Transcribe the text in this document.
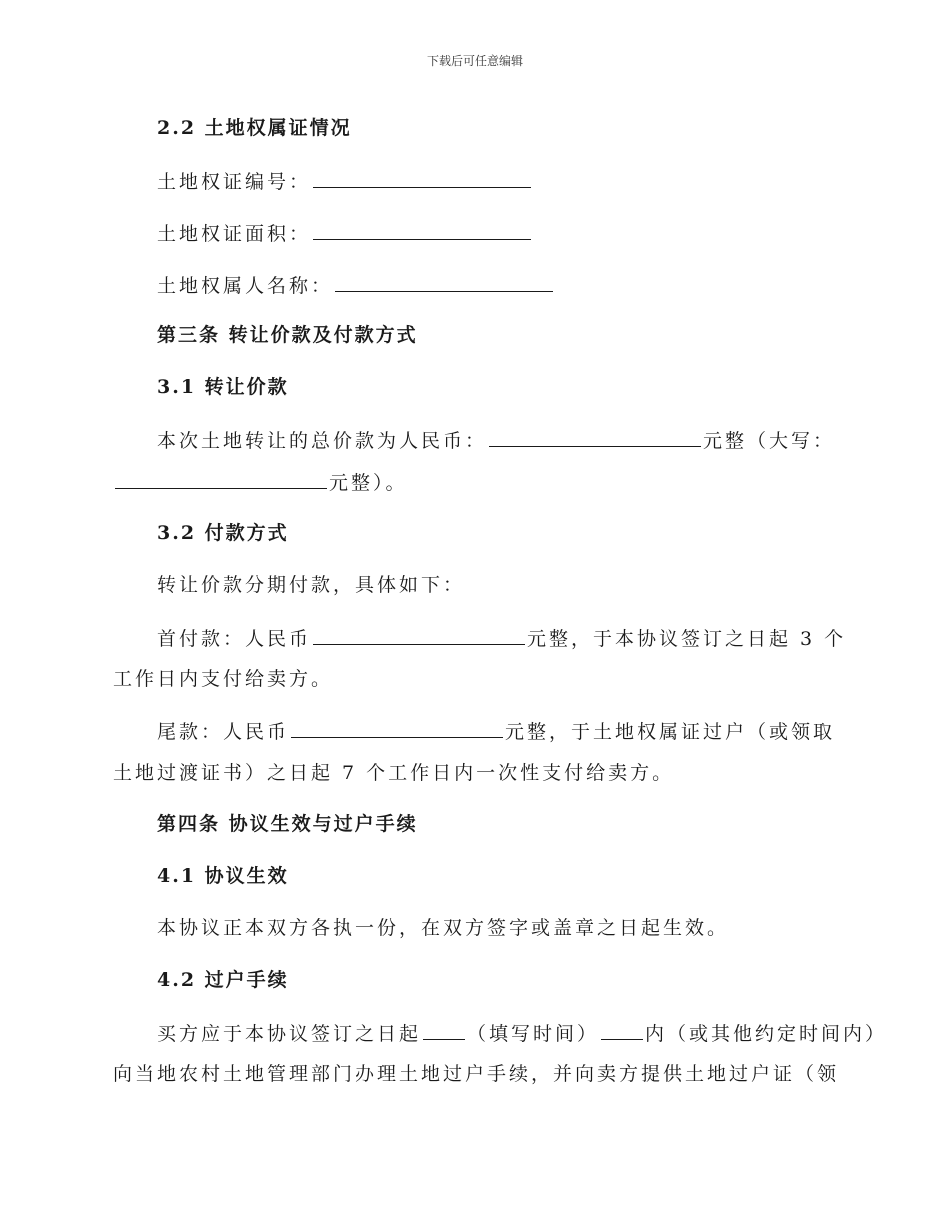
下载后可任意编辑
2.2 土地权属证情况
土地权证编号：
土地权证面积：
土地权属人名称：
第三条 转让价款及付款方式
3.1 转让价款
本次土地转让的总价款为人民币：	元整（大写：
元整）。
3.2 付款方式
转让价款分期付款，具体如下：
首付款：人民币	元整，于本协议签订之日起 3 个
工作日内支付给卖方。
尾款：人民币	元整，于土地权属证过户（或领取
土地过渡证书）之日起 7 个工作日内一次性支付给卖方。
第四条 协议生效与过户手续
4.1 协议生效
本协议正本双方各执一份，在双方签字或盖章之日起生效。
4.2 过户手续
买方应于本协议签订之日起 （填写时间） 内（或其他约定时间内）
向当地农村土地管理部门办理土地过户手续，并向卖方提供土地过户证（领
